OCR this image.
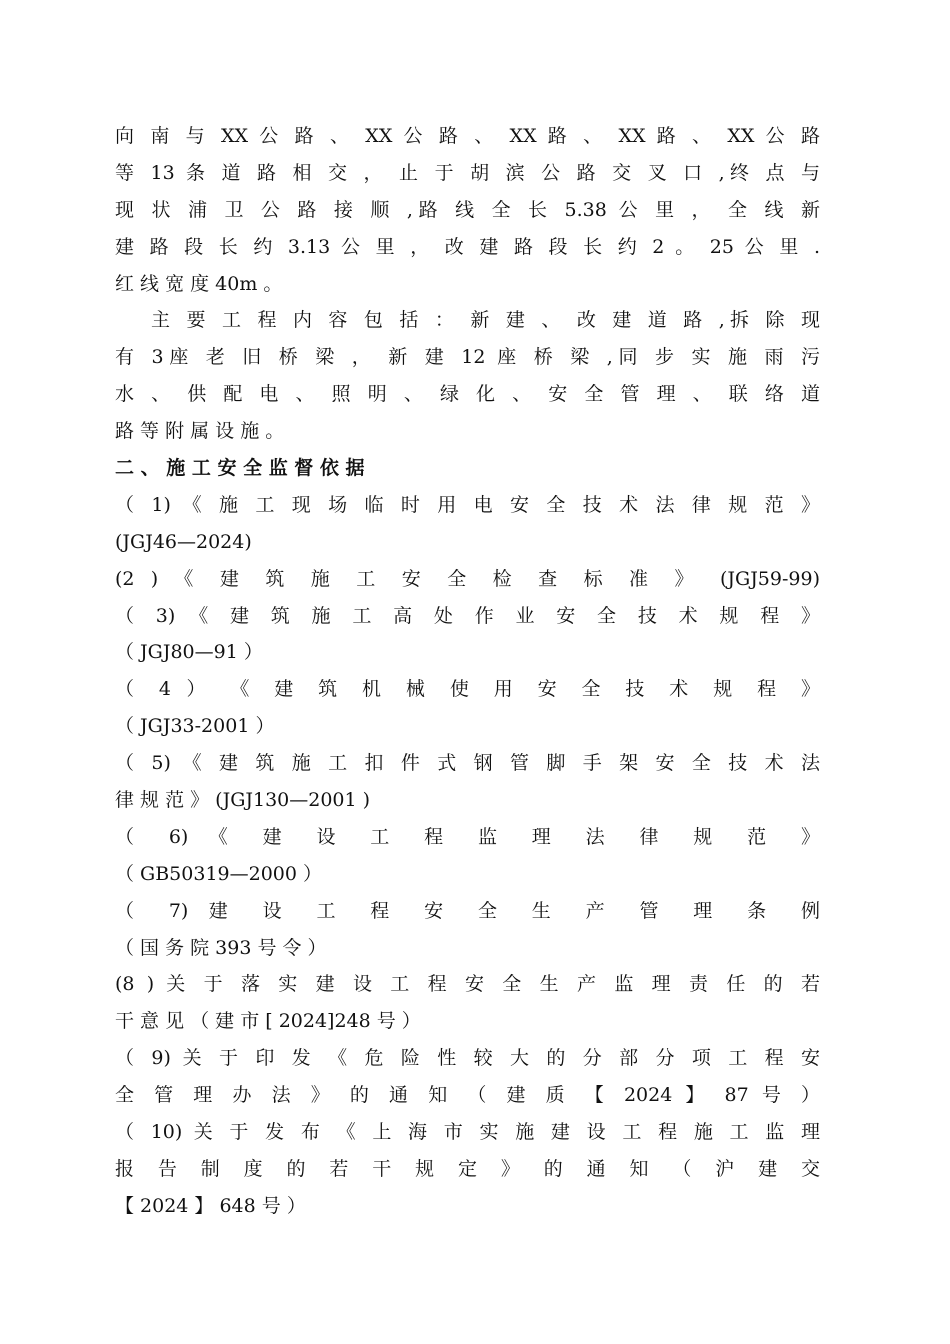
向 南 与 XX 公 路 、 XX 公 路 、 XX 路 、 XX 路 、 XX 公 路
等 13 条 道 路 相 交 ， 止 于 胡 滨 公 路 交 叉 口 ,终 点 与
现 状 浦 卫 公 路 接 顺 ,路 线 全 长 5.38 公 里 ， 全 线 新
建 路 段 长 约 3.13 公 里 ， 改 建 路 段 长 约 2 。 25 公 里 .
红 线 宽 度 40m 。
主 要 工 程 内 容 包 括 ： 新 建 、 改 建 道 路 ,拆 除 现
有 3座 老 旧 桥 梁 ， 新 建 12 座 桥 梁 ,同 步 实 施 雨 污
水 、 供 配 电 、 照 明 、 绿 化 、 安 全 管 理 、 联 络 道
路 等 附 属 设 施 。
二 、 施 工 安 全 监 督 依 据
（ 1) 《 施 工 现 场 临 时 用 电 安 全 技 术 法 律 规 范 》
(JGJ46—2024)
(2 ) 《 建 筑 施 工 安 全 检 查 标 准 》 (JGJ59-99)
（ 3) 《 建 筑 施 工 高 处 作 业 安 全 技 术 规 程 》
（ JGJ80—91 ）
（ 4 ） 《 建 筑 机 械 使 用 安 全 技 术 规 程 》
（ JGJ33-2001 ）
（ 5) 《 建 筑 施 工 扣 件 式 钢 管 脚 手 架 安 全 技 术 法
律 规 范 》 (JGJ130—2001 )
（ 6) 《 建 设 工 程 监 理 法 律 规 范 》
（ GB50319—2000 ）
（ 7) 建 设 工 程 安 全 生 产 管 理 条 例
（ 国 务 院 393 号 令 ）
(8 ) 关 于 落 实 建 设 工 程 安 全 生 产 监 理 责 任 的 若
干 意 见 （ 建 市 [ 2024]248 号 ）
（ 9) 关 于 印 发 《 危 险 性 较 大 的 分 部 分 项 工 程 安
全 管 理 办 法 》 的 通 知 （ 建 质 【 2024 】 87 号 ）
（ 10) 关 于 发 布 《 上 海 市 实 施 建 设 工 程 施 工 监 理
报 告 制 度 的 若 干 规 定 》 的 通 知 （ 沪 建 交
【 2024 】 648 号 ）
